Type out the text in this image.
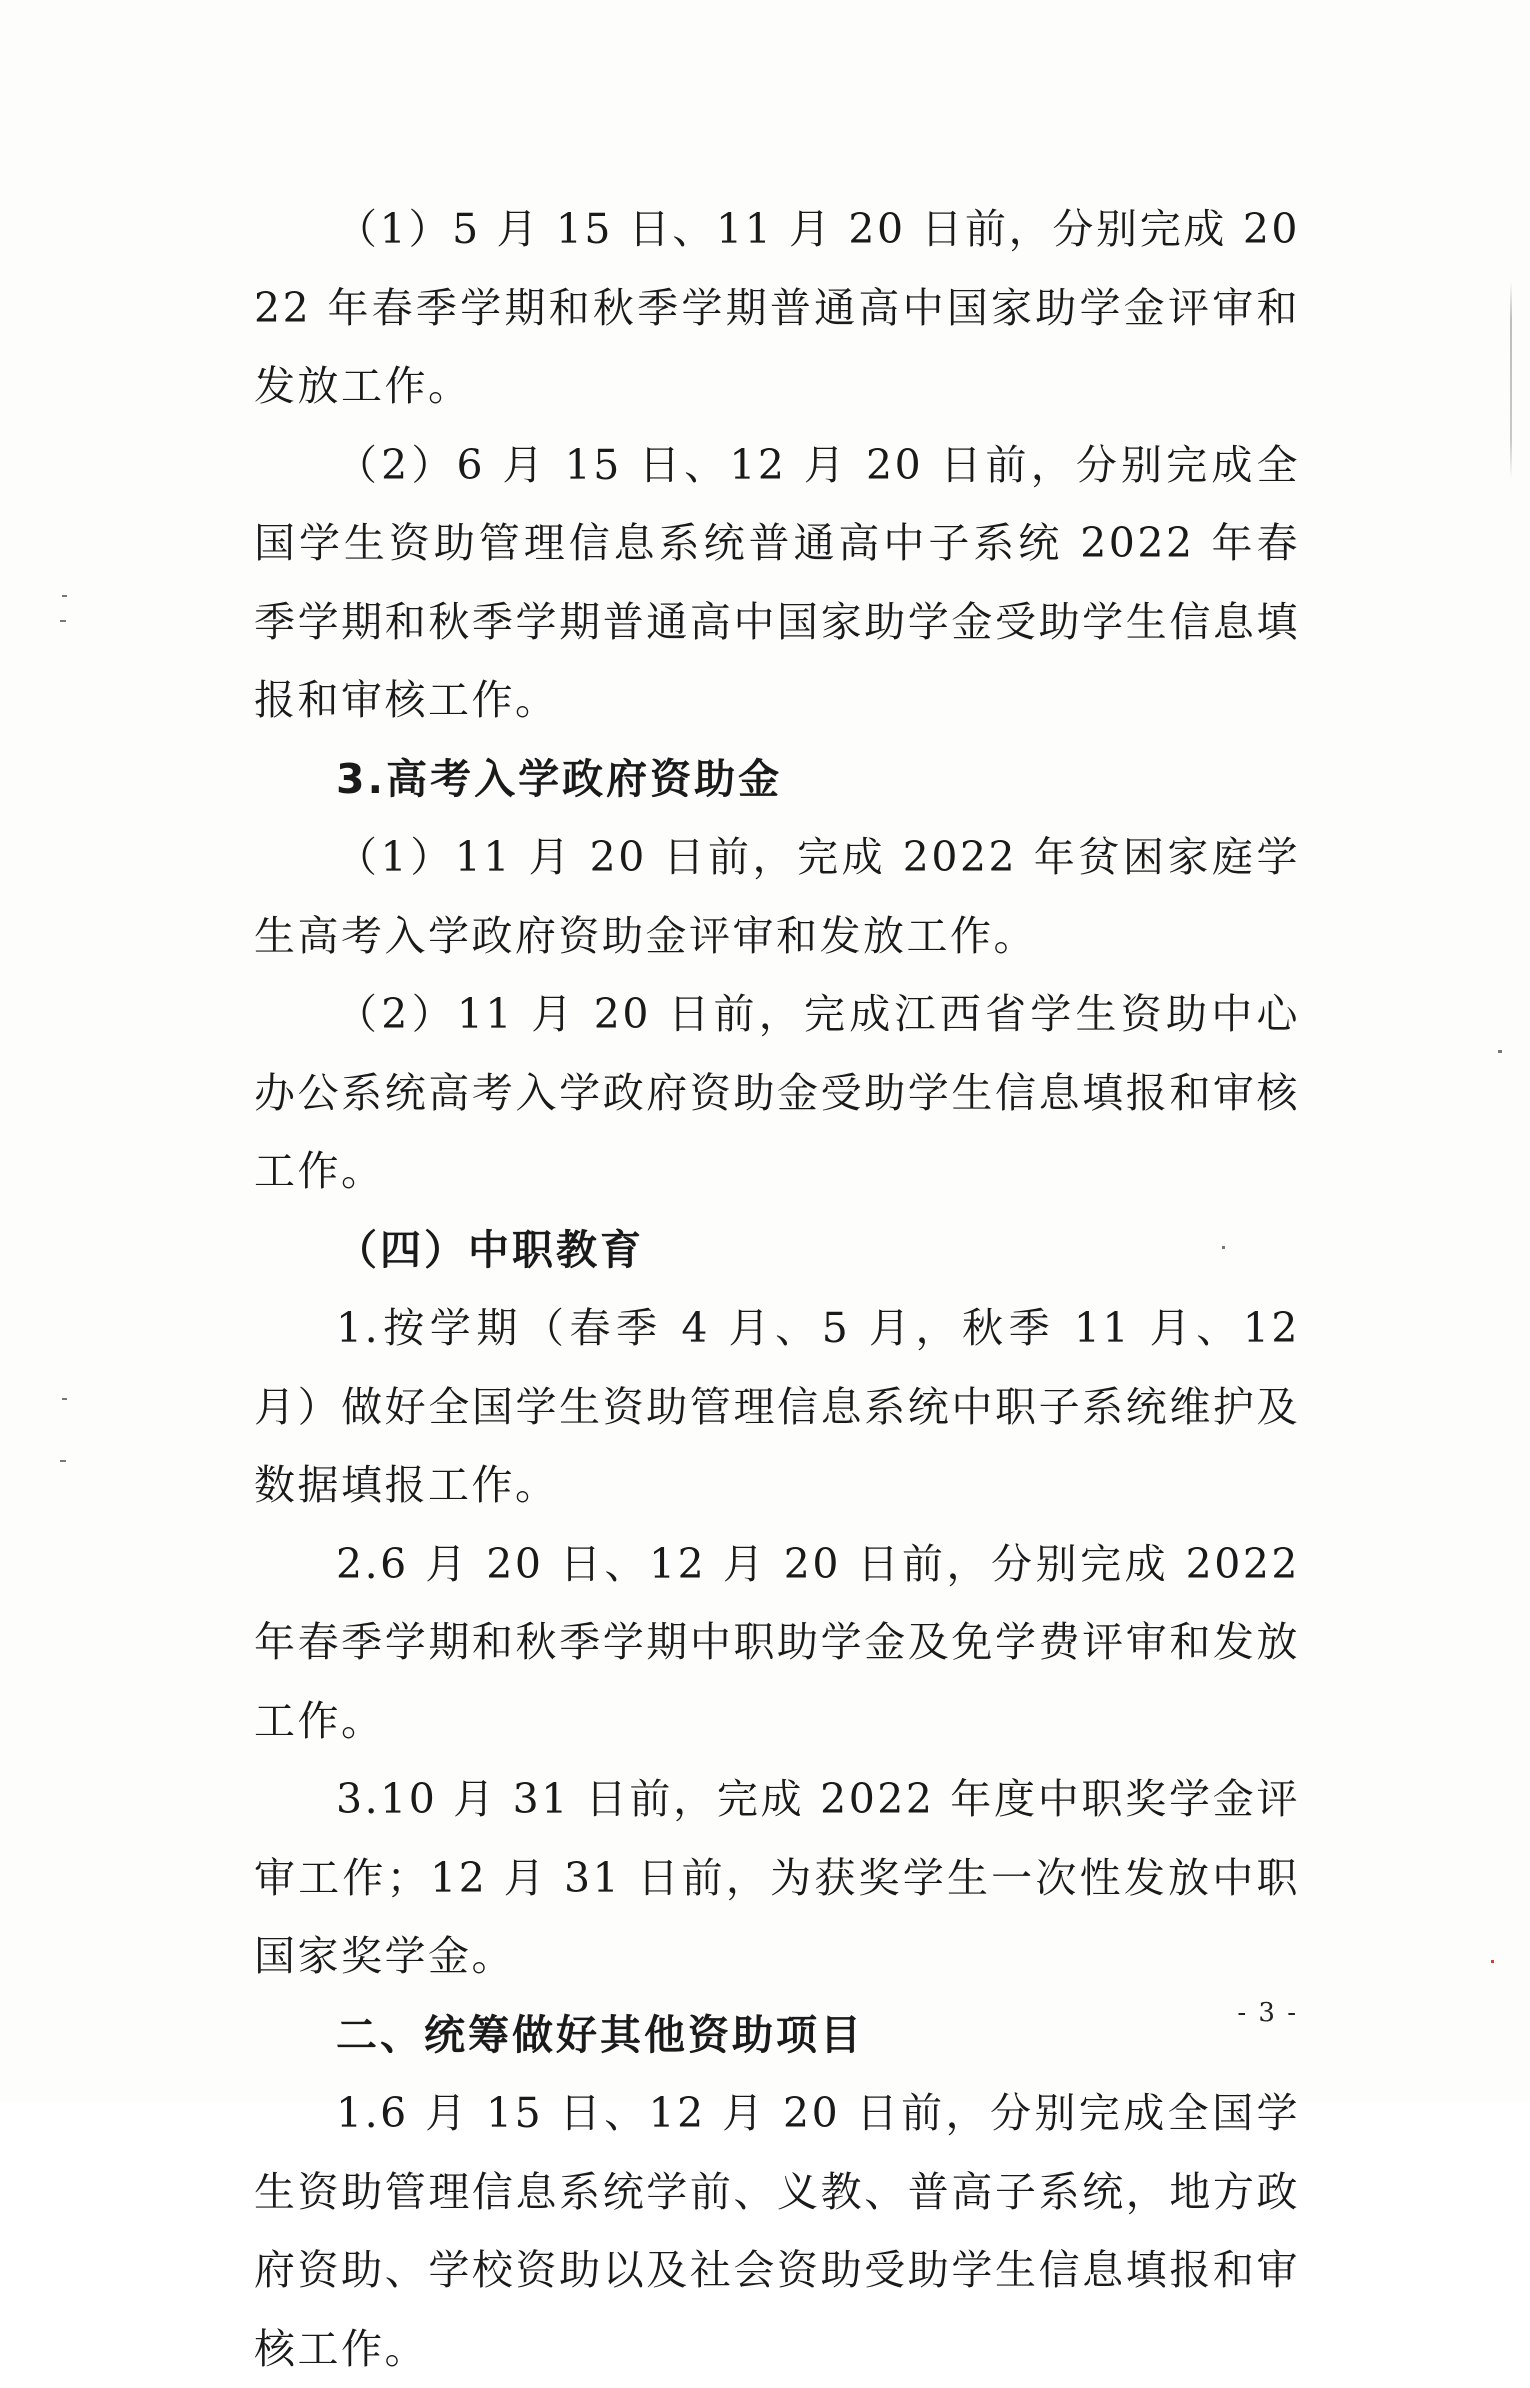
（1）5 月 15 日、11 月 20 日前，分别完成 2022 年春季学期和秋季学期普通高中国家助学金评审和发放工作。

（2）6 月 15 日、12 月 20 日前，分别完成全国学生资助管理信息系统普通高中子系统 2022 年春季学期和秋季学期普通高中国家助学金受助学生信息填报和审核工作。

3.高考入学政府资助金

（1）11 月 20 日前，完成 2022 年贫困家庭学生高考入学政府资助金评审和发放工作。

（2）11 月 20 日前，完成江西省学生资助中心办公系统高考入学政府资助金受助学生信息填报和审核工作。

（四）中职教育

1.按学期（春季 4 月、5 月，秋季 11 月、12 月）做好全国学生资助管理信息系统中职子系统维护及数据填报工作。

2.6 月 20 日、12 月 20 日前，分别完成 2022 年春季学期和秋季学期中职助学金及免学费评审和发放工作。

3.10 月 31 日前，完成 2022 年度中职奖学金评审工作；12 月 31 日前，为获奖学生一次性发放中职国家奖学金。

二、统筹做好其他资助项目

1.6 月 15 日、12 月 20 日前，分别完成全国学生资助管理信息系统学前、义教、普高子系统，地方政府资助、学校资助以及社会资助受助学生信息填报和审核工作。

- 3 -
